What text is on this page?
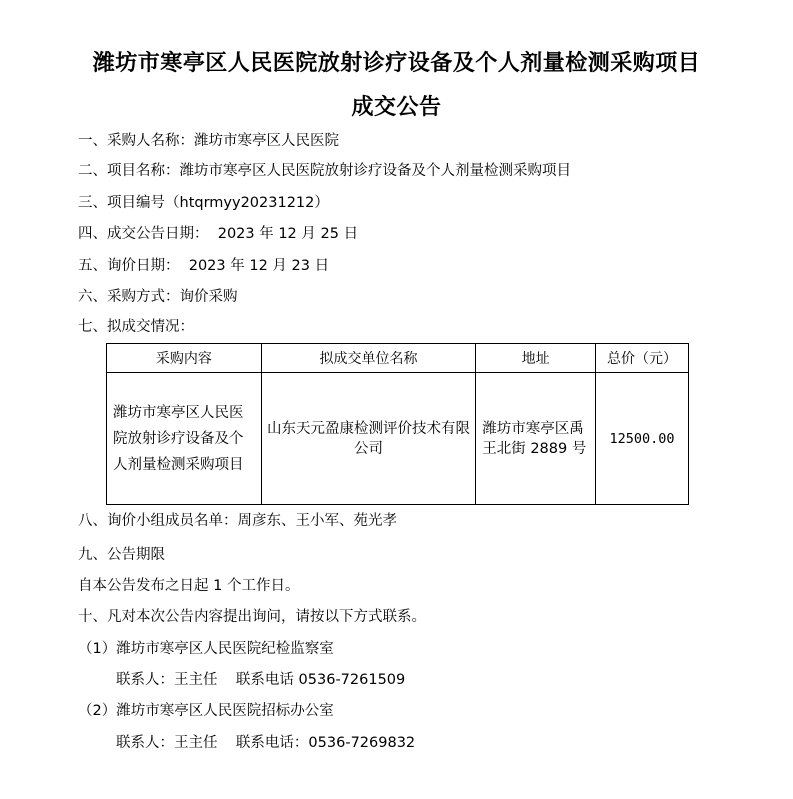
潍坊市寒亭区人民医院放射诊疗设备及个人剂量检测采购项目
成交公告
一、采购人名称：潍坊市寒亭区人民医院
二、项目名称：潍坊市寒亭区人民医院放射诊疗设备及个人剂量检测采购项目
三、项目编号（htqrmyy20231212）
四、成交公告日期：  2023 年 12 月 25 日
五、询价日期：  2023 年 12 月 23 日
六、采购方式：询价采购
七、拟成交情况：
采购内容	拟成交单位名称	地址	总价（元）
潍坊市寒亭区人民医院放射诊疗设备及个人剂量检测采购项目	山东天元盈康检测评价技术有限公司	潍坊市寒亭区禹王北街 2889 号	12500.00
八、询价小组成员名单：周彦东、王小军、苑光孝
九、公告期限
自本公告发布之日起 1 个工作日。
十、凡对本次公告内容提出询问，请按以下方式联系。
（1）潍坊市寒亭区人民医院纪检监察室
联系人：王主任    联系电话 0536-7261509
（2）潍坊市寒亭区人民医院招标办公室
联系人：王主任    联系电话：0536-7269832
